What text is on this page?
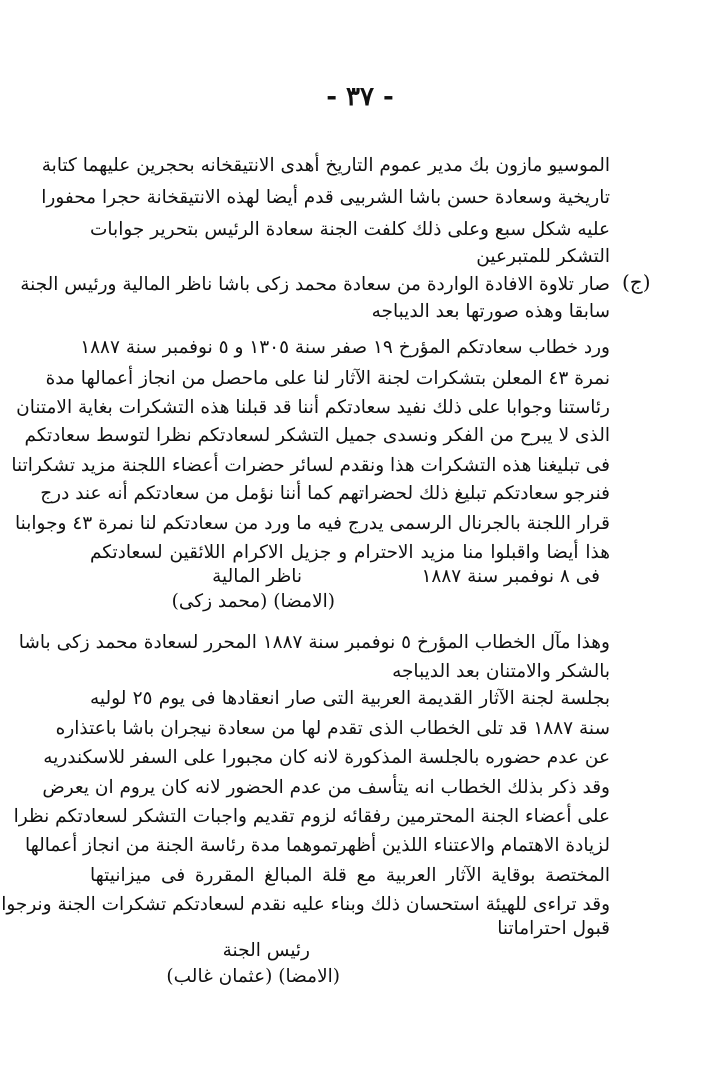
- ٣٧ -
الموسيو مازون بك مدير عموم التاريخ أهدى الانتيقخانه بحجرين عليهما كتابة
تاريخية وسعادة حسن باشا الشربيى قدم أيضا لهذه الانتيقخانة حجرا محفورا
عليه شكل سبع وعلى ذلك كلفت الجنة سعادة الرئيس بتحرير جوابات
التشكر للمتبرعين
(ج)
صار تلاوة الافادة الواردة من سعادة محمد زكى باشا ناظر المالية ورئيس الجنة
سابقا وهذه صورتها بعد الديباجه
ورد خطاب سعادتكم المؤرخ ١٩ صفر سنة ١٣٠٥ و ٥ نوفمبر سنة ١٨٨٧
نمرة ٤٣ المعلن بتشكرات لجنة الآثار لنا على ماحصل من انجاز أعمالها مدة
رئاستنا وجوابا على ذلك نفيد سعادتكم أننا قد قبلنا هذه التشكرات بغاية الامتنان
الذى لا يبرح من الفكر ونسدى جميل التشكر لسعادتكم نظرا لتوسط سعادتكم
فى تبليغنا هذه التشكرات هذا ونقدم لسائر حضرات أعضاء اللجنة مزيد تشكراتنا
فنرجو سعادتكم تبليغ ذلك لحضراتهم كما أننا نؤمل من سعادتكم أنه عند درج
قرار اللجنة بالجرنال الرسمى يدرج فيه ما ورد من سعادتكم لنا نمرة ٤٣ وجوابنا
هذا أيضا واقبلوا منا مزيد الاحترام و جزيل الاكرام اللائقين لسعادتكم
فى ٨ نوفمبر سنة ١٨٨٧
ناظر المالية
(الامضا) (محمد زكى)
وهذا مآل الخطاب المؤرخ ٥ نوفمبر سنة ١٨٨٧ المحرر لسعادة محمد زكى باشا
بالشكر والامتنان بعد الديباجه
بجلسة لجنة الآثار القديمة العربية التى صار انعقادها فى يوم ٢٥ لوليه
سنة ١٨٨٧ قد تلى الخطاب الذى تقدم لها من سعادة نيجران باشا باعتذاره
عن عدم حضوره بالجلسة المذكورة لانه كان مجبورا على السفر للاسكندريه
وقد ذكر بذلك الخطاب انه يتأسف من عدم الحضور لانه كان يروم ان يعرض
على أعضاء الجنة المحترمين رفقائه لزوم تقديم واجبات التشكر لسعادتكم نظرا
لزيادة الاهتمام والاعتناء اللذين أظهرتموهما مدة رئاسة الجنة من انجاز أعمالها
المختصة بوقاية الآثار العربية مع قلة المبالغ المقررة فى ميزانيتها
وقد تراءى للهيئة استحسان ذلك وبناء عليه نقدم لسعادتكم تشكرات الجنة ونرجوا
قبول احتراماتنا
رئيس الجنة
(الامضا) (عثمان غالب)
